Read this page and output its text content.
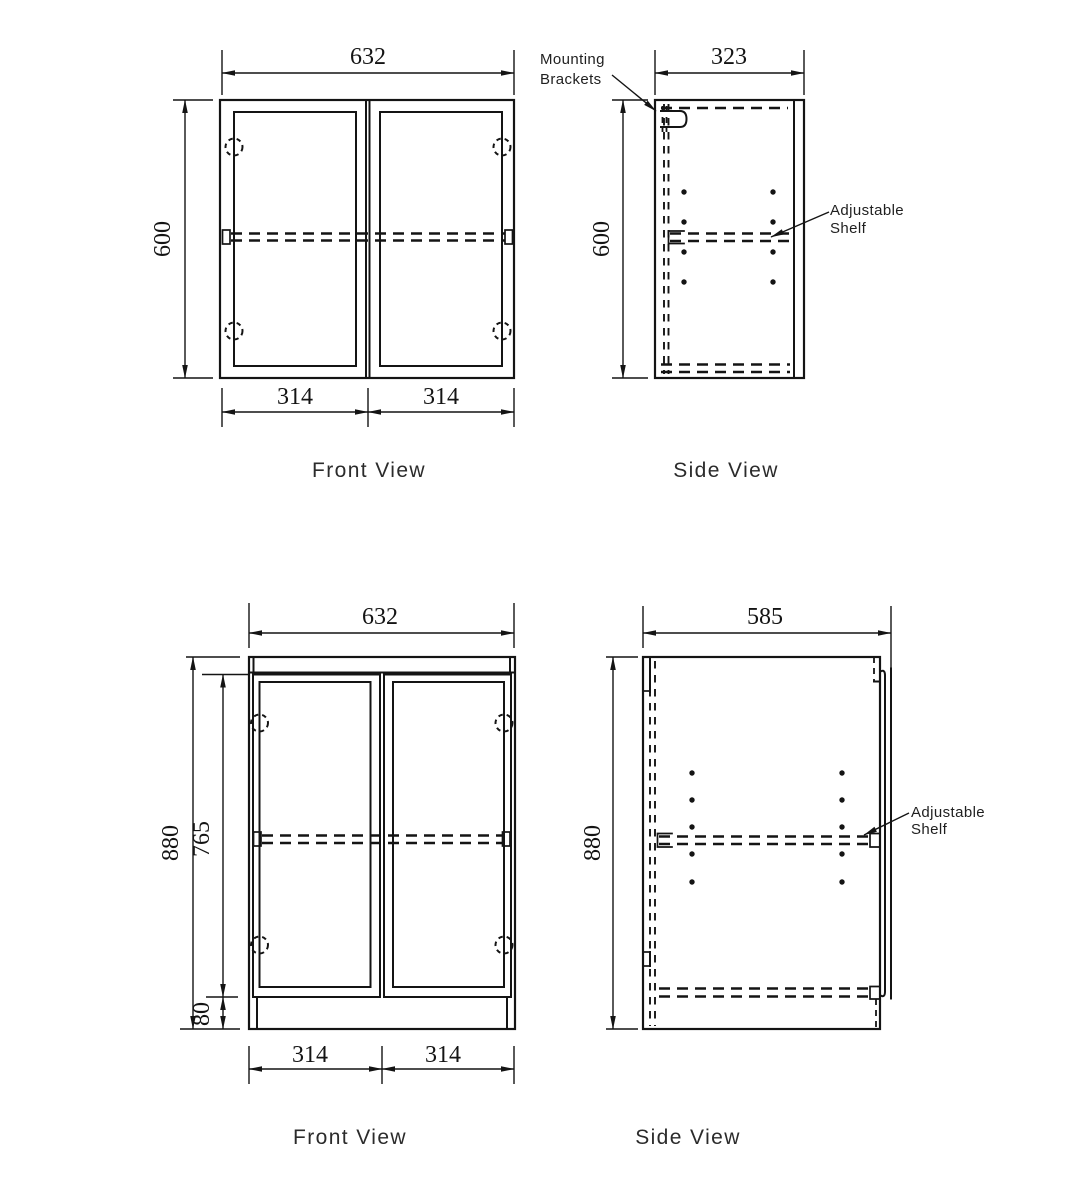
632
600
314	314
Front View
323
600
Mounting
Brackets
Adjustable
Shelf
Side View
632
880 765
80
314	314
Front View
585
880
Adjustable
Shelf
Side View
